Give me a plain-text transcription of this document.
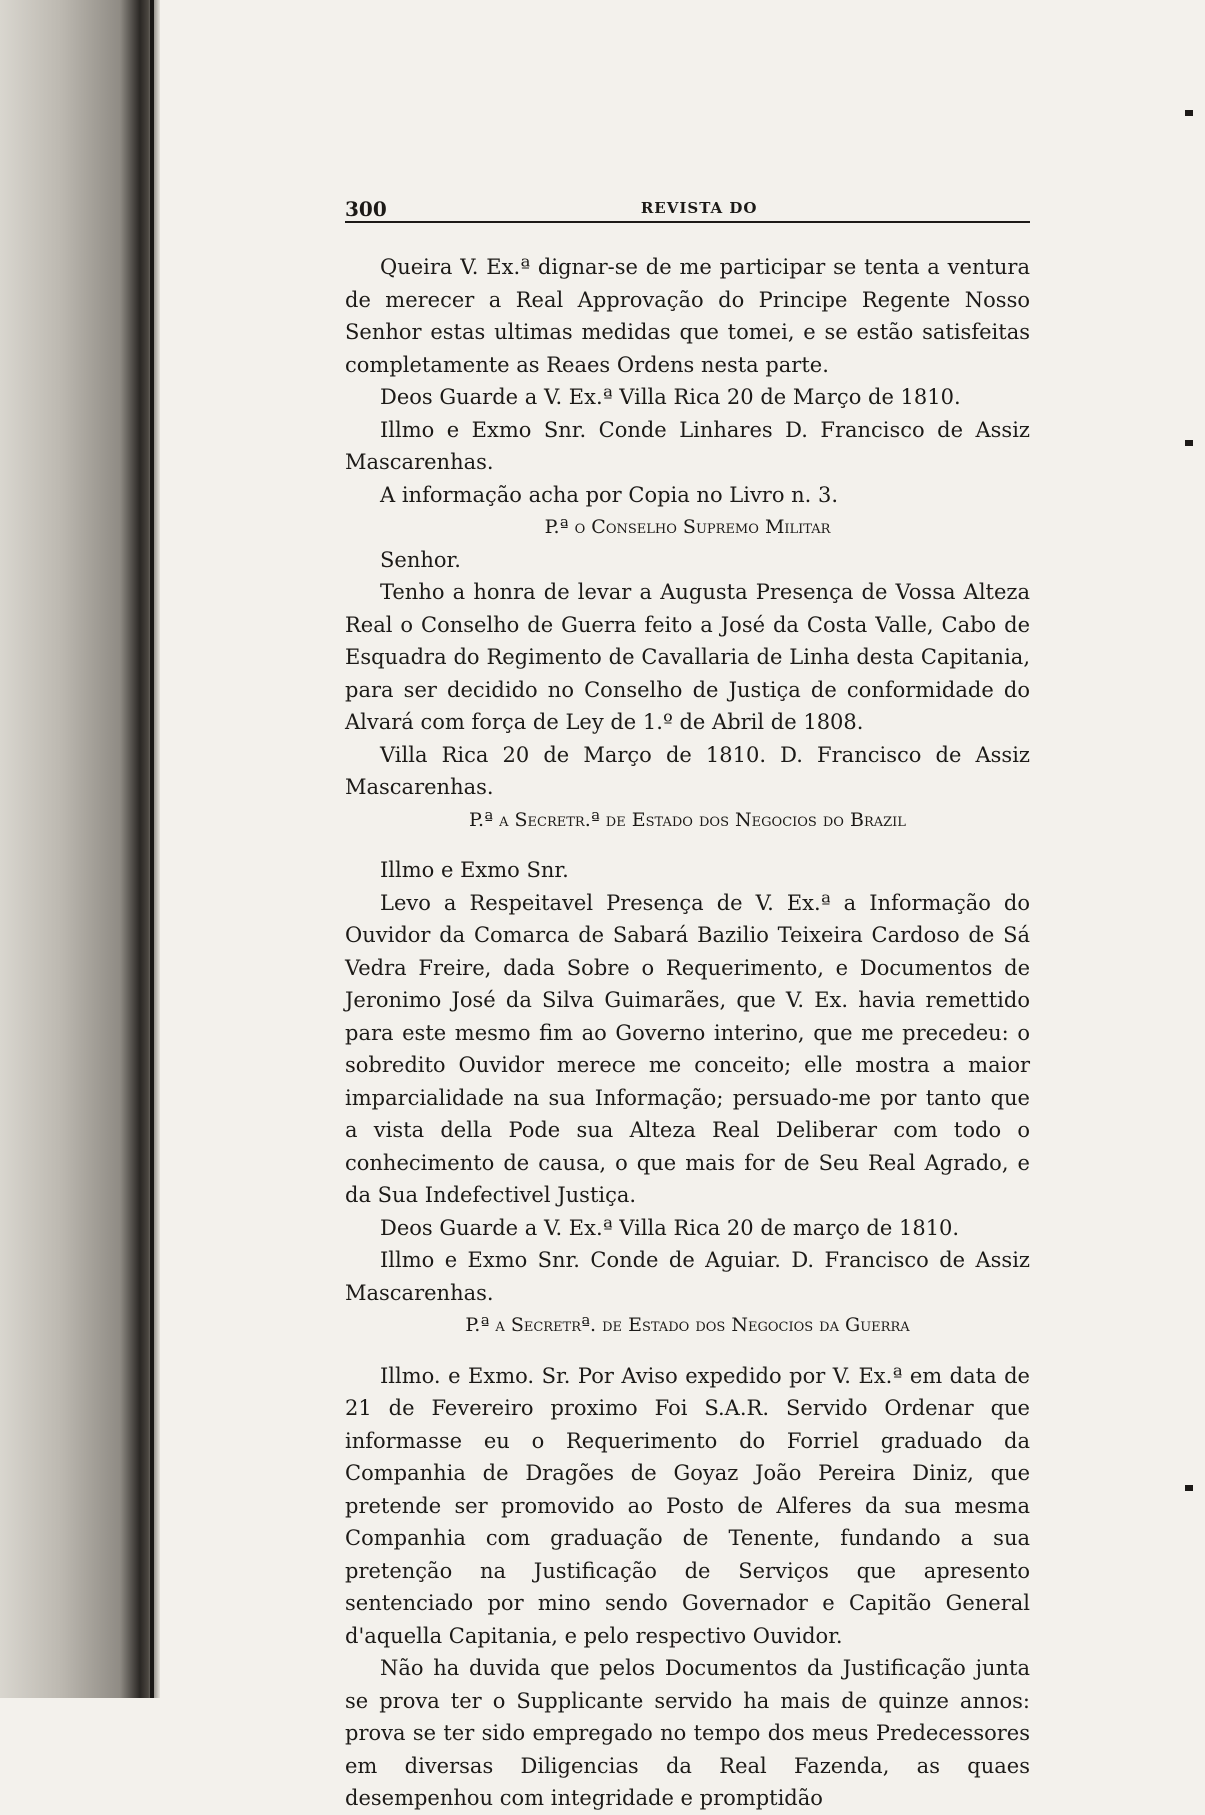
300	REVISTA DO

Queira V. Ex.ª dignar-se de me participar se tenta a ventura de merecer a Real Approvação do Principe Regente Nosso Senhor estas ultimas medidas que tomei, e se estão satisfeitas completamente as Reaes Ordens nesta parte.

Deos Guarde a V. Ex.ª Villa Rica 20 de Março de 1810.

Illmo e Exmo Snr. Conde Linhares D. Francisco de Assiz Mascarenhas.

A informação acha por Copia no Livro n. 3.

P.ª o Conselho Supremo Militar

Senhor.

Tenho a honra de levar a Augusta Presença de Vossa Alteza Real o Conselho de Guerra feito a José da Costa Valle, Cabo de Esquadra do Regimento de Cavallaria de Linha desta Capitania, para ser decidido no Conselho de Justiça de conformidade do Alvará com força de Ley de 1.º de Abril de 1808.

Villa Rica 20 de Março de 1810. D. Francisco de Assiz Mascarenhas.

P.ª a Secretr.ª de Estado dos Negocios do Brazil

Illmo e Exmo Snr.

Levo a Respeitavel Presença de V. Ex.ª a Informação do Ouvidor da Comarca de Sabará Bazilio Teixeira Cardoso de Sá Vedra Freire, dada Sobre o Requerimento, e Documentos de Jeronimo José da Silva Guimarães, que V. Ex. havia remettido para este mesmo fim ao Governo interino, que me precedeu: o sobredito Ouvidor merece me conceito; elle mostra a maior imparcialidade na sua Informação; persuado-me por tanto que a vista della Pode sua Alteza Real Deliberar com todo o conhecimento de causa, o que mais for de Seu Real Agrado, e da Sua Indefectivel Justiça.

Deos Guarde a V. Ex.ª Villa Rica 20 de março de 1810.

Illmo e Exmo Snr. Conde de Aguiar. D. Francisco de Assiz Mascarenhas.

P.ª a Secretrª. de Estado dos Negocios da Guerra

Illmo. e Exmo. Sr. Por Aviso expedido por V. Ex.ª em data de 21 de Fevereiro proximo Foi S.A.R. Servido Ordenar que informasse eu o Requerimento do Forriel graduado da Companhia de Dragões de Goyaz João Pereira Diniz, que pretende ser promovido ao Posto de Alferes da sua mesma Companhia com graduação de Tenente, fundando a sua pretenção na Justificação de Serviços que apresento sentenciado por mino sendo Governador e Capitão General d'aquella Capitania, e pelo respectivo Ouvidor.

Não ha duvida que pelos Documentos da Justificação junta se prova ter o Supplicante servido ha mais de quinze annos: prova se ter sido empregado no tempo dos meus Predecessores em diversas Diligencias da Real Fazenda, as quaes desempenhou com integridade e promptidão
